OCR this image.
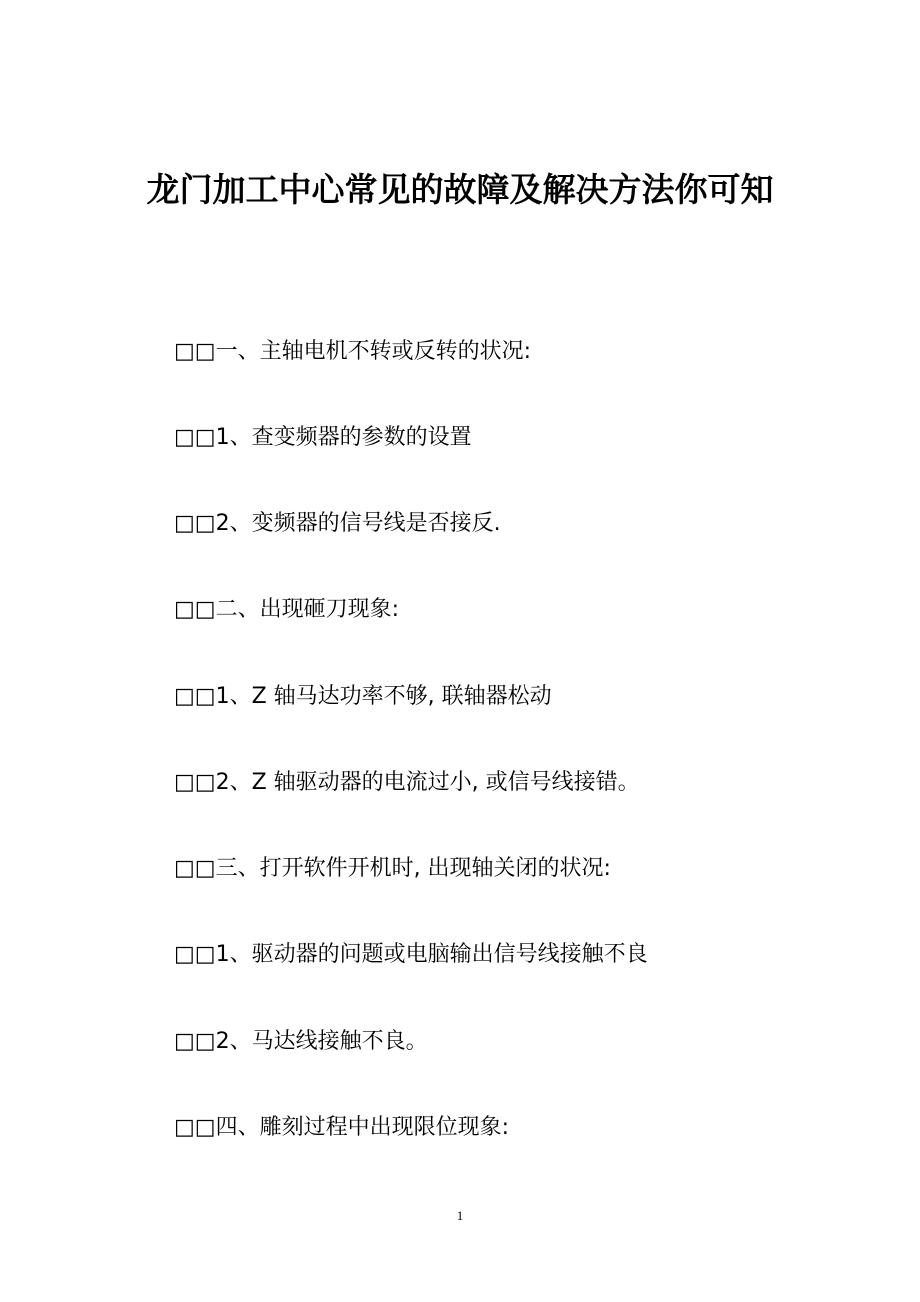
龙门加工中心常见的故障及解决方法你可知
□□一、主轴电机不转或反转的状况:
□□1、查变频器的参数的设置
□□2、变频器的信号线是否接反.
□□二、出现砸刀现象:
□□1、Z 轴马达功率不够, 联轴器松动
□□2、Z 轴驱动器的电流过小, 或信号线接错。
□□三、打开软件开机时, 出现轴关闭的状况:
□□1、驱动器的问题或电脑输出信号线接触不良
□□2、马达线接触不良。
□□四、雕刻过程中出现限位现象:
1
